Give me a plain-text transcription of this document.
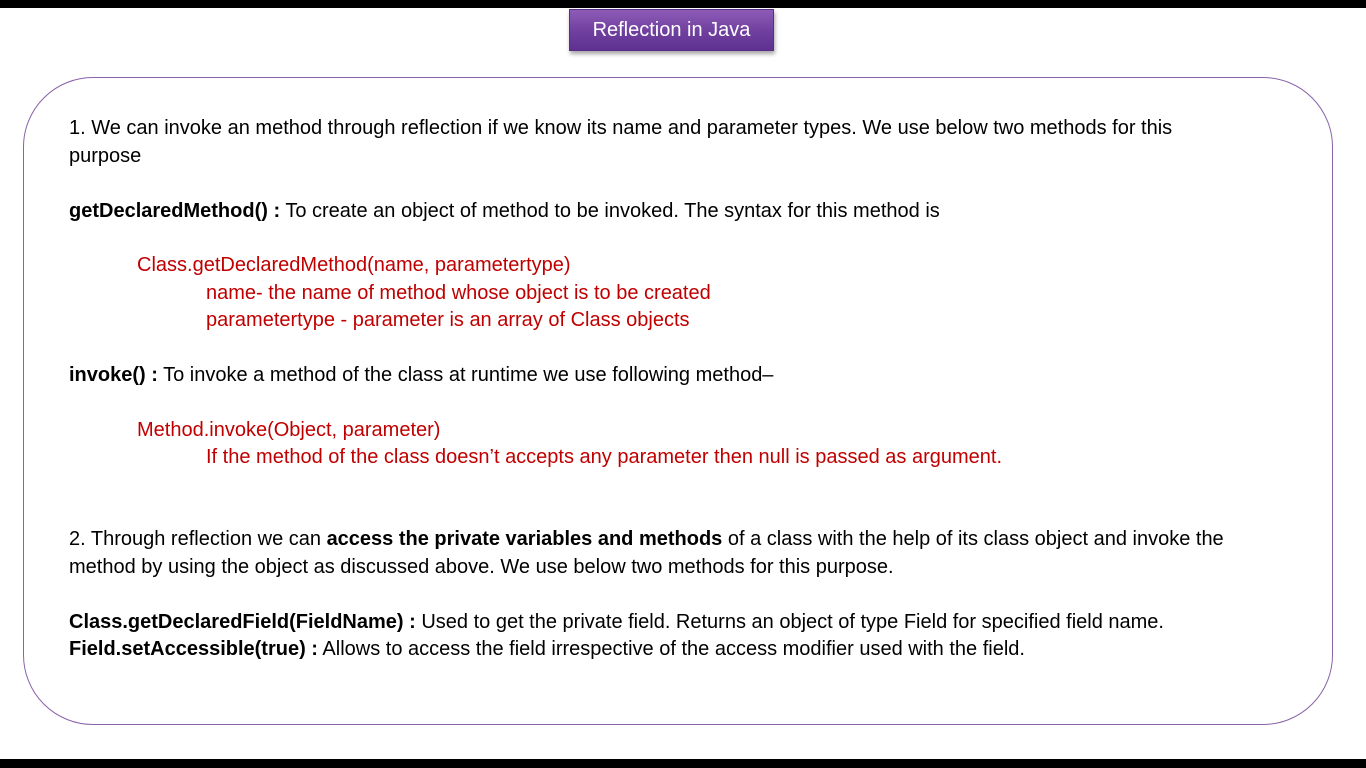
Reflection in Java
1. We can invoke an method through reflection if we know its name and parameter types. We use below two methods for this
purpose
getDeclaredMethod() : To create an object of method to be invoked. The syntax for this method is
Class.getDeclaredMethod(name, parametertype)
name- the name of method whose object is to be created
parametertype - parameter is an array of Class objects
invoke() : To invoke a method of the class at runtime we use following method–
Method.invoke(Object, parameter)
If the method of the class doesn’t accepts any parameter then null is passed as argument.
2. Through reflection we can access the private variables and methods of a class with the help of its class object and invoke the
method by using the object as discussed above. We use below two methods for this purpose.
Class.getDeclaredField(FieldName) : Used to get the private field. Returns an object of type Field for specified field name.
Field.setAccessible(true) : Allows to access the field irrespective of the access modifier used with the field.
